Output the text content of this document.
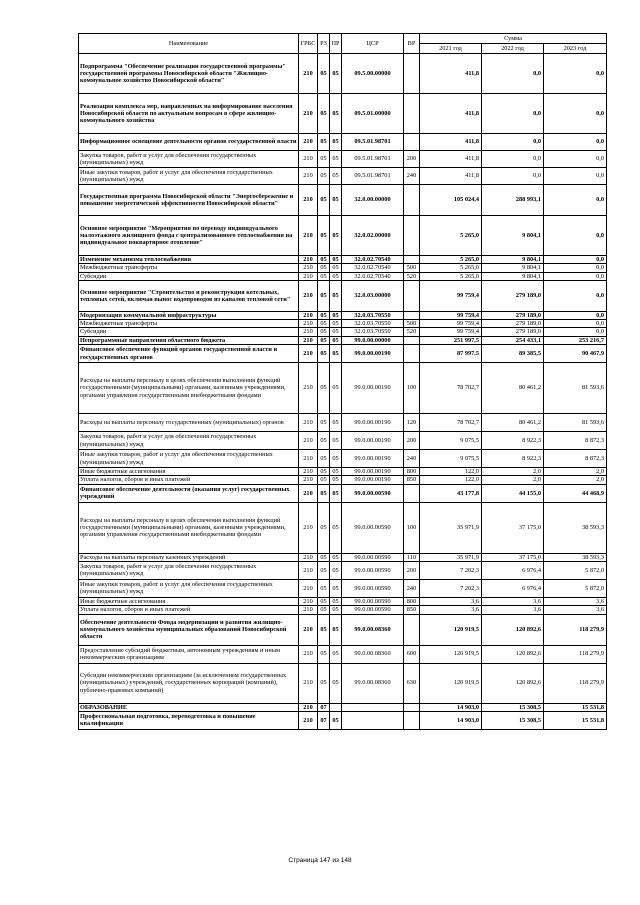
Наименование	ГРБС	РЗ	ПР	ЦСР	ВР	Сумма		
						2021 год	2022 год	2023 год
Подпрограмма "Обеспечение реализации государственной программы" государственной программы Новосибирской области "Жилищно-коммунальное хозяйство Новосибирской области"	210	05	05	09.5.00.00000		411,8	0,0	0,0
Реализация комплекса мер, направленных на информирование населения Новосибирской области по актуальным вопросам в сфере жилищно-коммунального хозяйства	210	05	05	09.5.01.00000		411,8	0,0	0,0
Информационное освещение деятельности органов государственной власти	210	05	05	09.5.01.98701		411,8	0,0	0,0
Закупка товаров, работ и услуг для обеспечения государственных (муниципальных) нужд	210	05	05	09.5.01.98701	200	411,8	0,0	0,0
Иные закупки товаров, работ и услуг для обеспечения государственных (муниципальных) нужд	210	05	05	09.5.01.98701	240	411,8	0,0	0,0
Государственная программа Новосибирской области "Энергосбережение и повышение энергетической эффективности Новосибирской области"	210	05	05	32.0.00.00000		105 024,4	288 993,1	0,0
Основное мероприятие "Мероприятия по переводу индивидуального малоэтажного жилищного фонда с централизованного теплоснабжения на индивидуальное поквартирное отопление"	210	05	05	32.0.02.00000		5 265,0	9 804,1	0,0
Изменение механизма теплоснабжения	210	05	05	32.0.02.70540		5 265,0	9 804,1	0,0
Межбюджетные трансферты	210	05	05	32.0.02.70540	500	5 265,0	9 804,1	0,0
Субсидии	210	05	05	32.0.02.70540	520	5 265,0	9 804,1	0,0
Основное мероприятие "Строительство и реконструкция котельных, тепловых сетей, включая вынос водопроводов из каналов тепловой сети"	210	05	05	32.0.03.00000		99 759,4	279 189,0	0,0
Модернизация коммунальной инфраструктуры	210	05	05	32.0.03.70550		99 759,4	279 189,0	0,0
Межбюджетные трансферты	210	05	05	32.0.03.70550	500	99 759,4	279 189,0	0,0
Субсидии	210	05	05	32.0.03.70550	520	99 759,4	279 189,0	0,0
Непрограммные направления областного бюджета	210	05	05	99.0.00.00000		251 997,5	254 433,1	253 216,7
Финансовое обеспечение функций органов государственной власти и государственных органов	210	05	05	99.0.00.00190		87 997,5	89 385,5	90 467,9
Расходы на выплаты персоналу в целях обеспечения выполнения функций государственными (муниципальными) органами, казенными учреждениями, органами управления государственными внебюджетными фондами	210	05	05	99.0.00.00190	100	78 702,7	80 461,2	81 593,6
Расходы на выплаты персоналу государственных (муниципальных) органов	210	05	05	99.0.00.00190	120	78 702,7	80 461,2	81 593,6
Закупка товаров, работ и услуг для обеспечения государственных (муниципальных) нужд	210	05	05	99.0.00.00190	200	9 075,5	8 922,3	8 872,3
Иные закупки товаров, работ и услуг для обеспечения государственных (муниципальных) нужд	210	05	05	99.0.00.00190	240	9 075,5	8 922,3	8 872,3
Иные бюджетные ассигнования	210	05	05	99.0.00.00190	800	122,0	2,0	2,0
Уплата налогов, сборов и иных платежей	210	05	05	99.0.00.00190	850	122,0	2,0	2,0
Финансовое обеспечение деятельности (оказания услуг) государственных учреждений	210	05	05	99.0.00.00590		43 177,8	44 155,0	44 468,9
Расходы на выплаты персоналу в целях обеспечения выполнения функций государственными (муниципальными) органами, казенными учреждениями, органами управления государственными внебюджетными фондами	210	05	05	99.0.00.00590	100	35 971,9	37 175,0	38 593,3
Расходы на выплаты персоналу казенных учреждений	210	05	05	99.0.00.00590	110	35 971,9	37 175,0	38 593,3
Закупка товаров, работ и услуг для обеспечения государственных (муниципальных) нужд	210	05	05	99.0.00.00590	200	7 202,3	6 976,4	5 872,0
Иные закупки товаров, работ и услуг для обеспечения государственных (муниципальных) нужд	210	05	05	99.0.00.00590	240	7 202,3	6 976,4	5 872,0
Иные бюджетные ассигнования	210	05	05	99.0.00.00590	800	3,6	3,6	3,6
Уплата налогов, сборов и иных платежей	210	05	05	99.0.00.00590	850	3,6	3,6	3,6
Обеспечение деятельности Фонда модернизации и развития жилищно-коммунального хозяйства муниципальных образований Новосибирской области	210	05	05	99.0.00.08360		120 919,5	120 892,6	118 279,9
Предоставление субсидий бюджетным, автономным учреждениям и иным некоммерческим организациям	210	05	05	99.0.00.08360	600	120 919,5	120 892,6	118 279,9
Субсидии некоммерческим организациям (за исключением государственных (муниципальных) учреждений, государственных корпораций (компаний), публично-правовых компаний)	210	05	05	99.0.00.08360	630	120 919,5	120 892,6	118 279,9
ОБРАЗОВАНИЕ	210	07				14 903,0	15 308,5	15 531,8
Профессиональная подготовка, переподготовка и повышение квалификации	210	07	05			14 903,0	15 308,5	15 531,8
Страница 147 из 148
